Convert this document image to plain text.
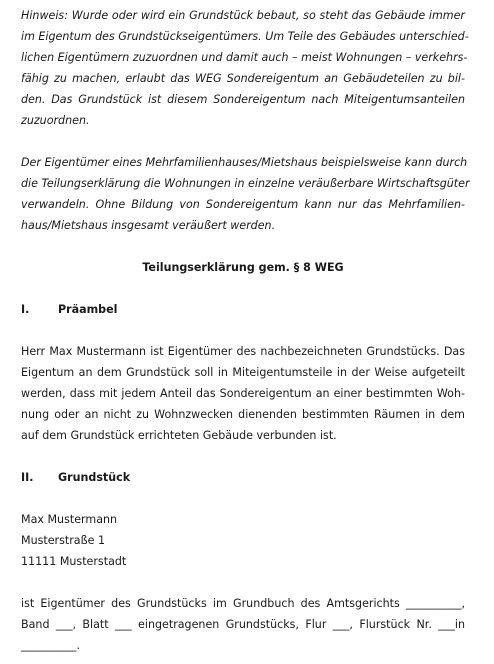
Hinweis: Wurde oder wird ein Grundstück bebaut, so steht das Gebäude immer
im Eigentum des Grundstückseigentümers. Um Teile des Gebäudes unterschied-
lichen Eigentümern zuzuordnen und damit auch – meist Wohnungen – verkehrs-
fähig zu machen, erlaubt das WEG Sondereigentum an Gebäudeteilen zu bil-
den. Das Grundstück ist diesem Sondereigentum nach Miteigentumsanteilen
zuzuordnen.
Der Eigentümer eines Mehrfamilienhauses/Mietshaus beispielsweise kann durch
die Teilungserklärung die Wohnungen in einzelne veräußerbare Wirtschaftsgüter
verwandeln. Ohne Bildung von Sondereigentum kann nur das Mehrfamilien-
haus/Mietshaus insgesamt veräußert werden.
Teilungserklärung gem. § 8 WEG
I.	Präambel
Herr Max Mustermann ist Eigentümer des nachbezeichneten Grundstücks. Das
Eigentum an dem Grundstück soll in Miteigentumsteile in der Weise aufgeteilt
werden, dass mit jedem Anteil das Sondereigentum an einer bestimmten Woh-
nung oder an nicht zu Wohnzwecken dienenden bestimmten Räumen in dem
auf dem Grundstück errichteten Gebäude verbunden ist.
II. Grundstück
Max Mustermann
Musterstraße 1
11111 Musterstadt
ist Eigentümer des Grundstücks im Grundbuch des Amtsgerichts __________,
Band ___, Blatt ___ eingetragenen Grundstücks, Flur ___, Flurstück Nr. ___in
__________.
